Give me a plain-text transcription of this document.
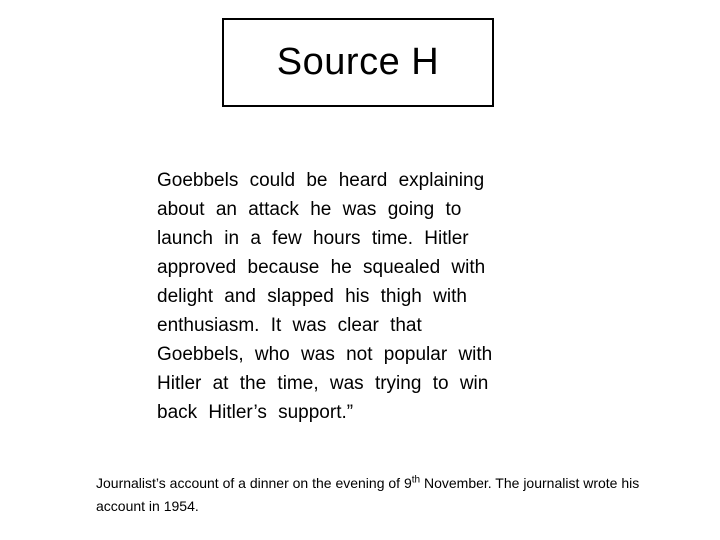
Source H
Goebbels could be heard explaining
about an attack he was going to
launch in a few hours time. Hitler
approved because he squealed with
delight and slapped his thigh with
enthusiasm. It was clear that
Goebbels, who was not popular with
Hitler at the time, was trying to win
back Hitler’s support.”
Journalist’s account of a dinner on the evening of 9th November. The journalist wrote his account in 1954.
